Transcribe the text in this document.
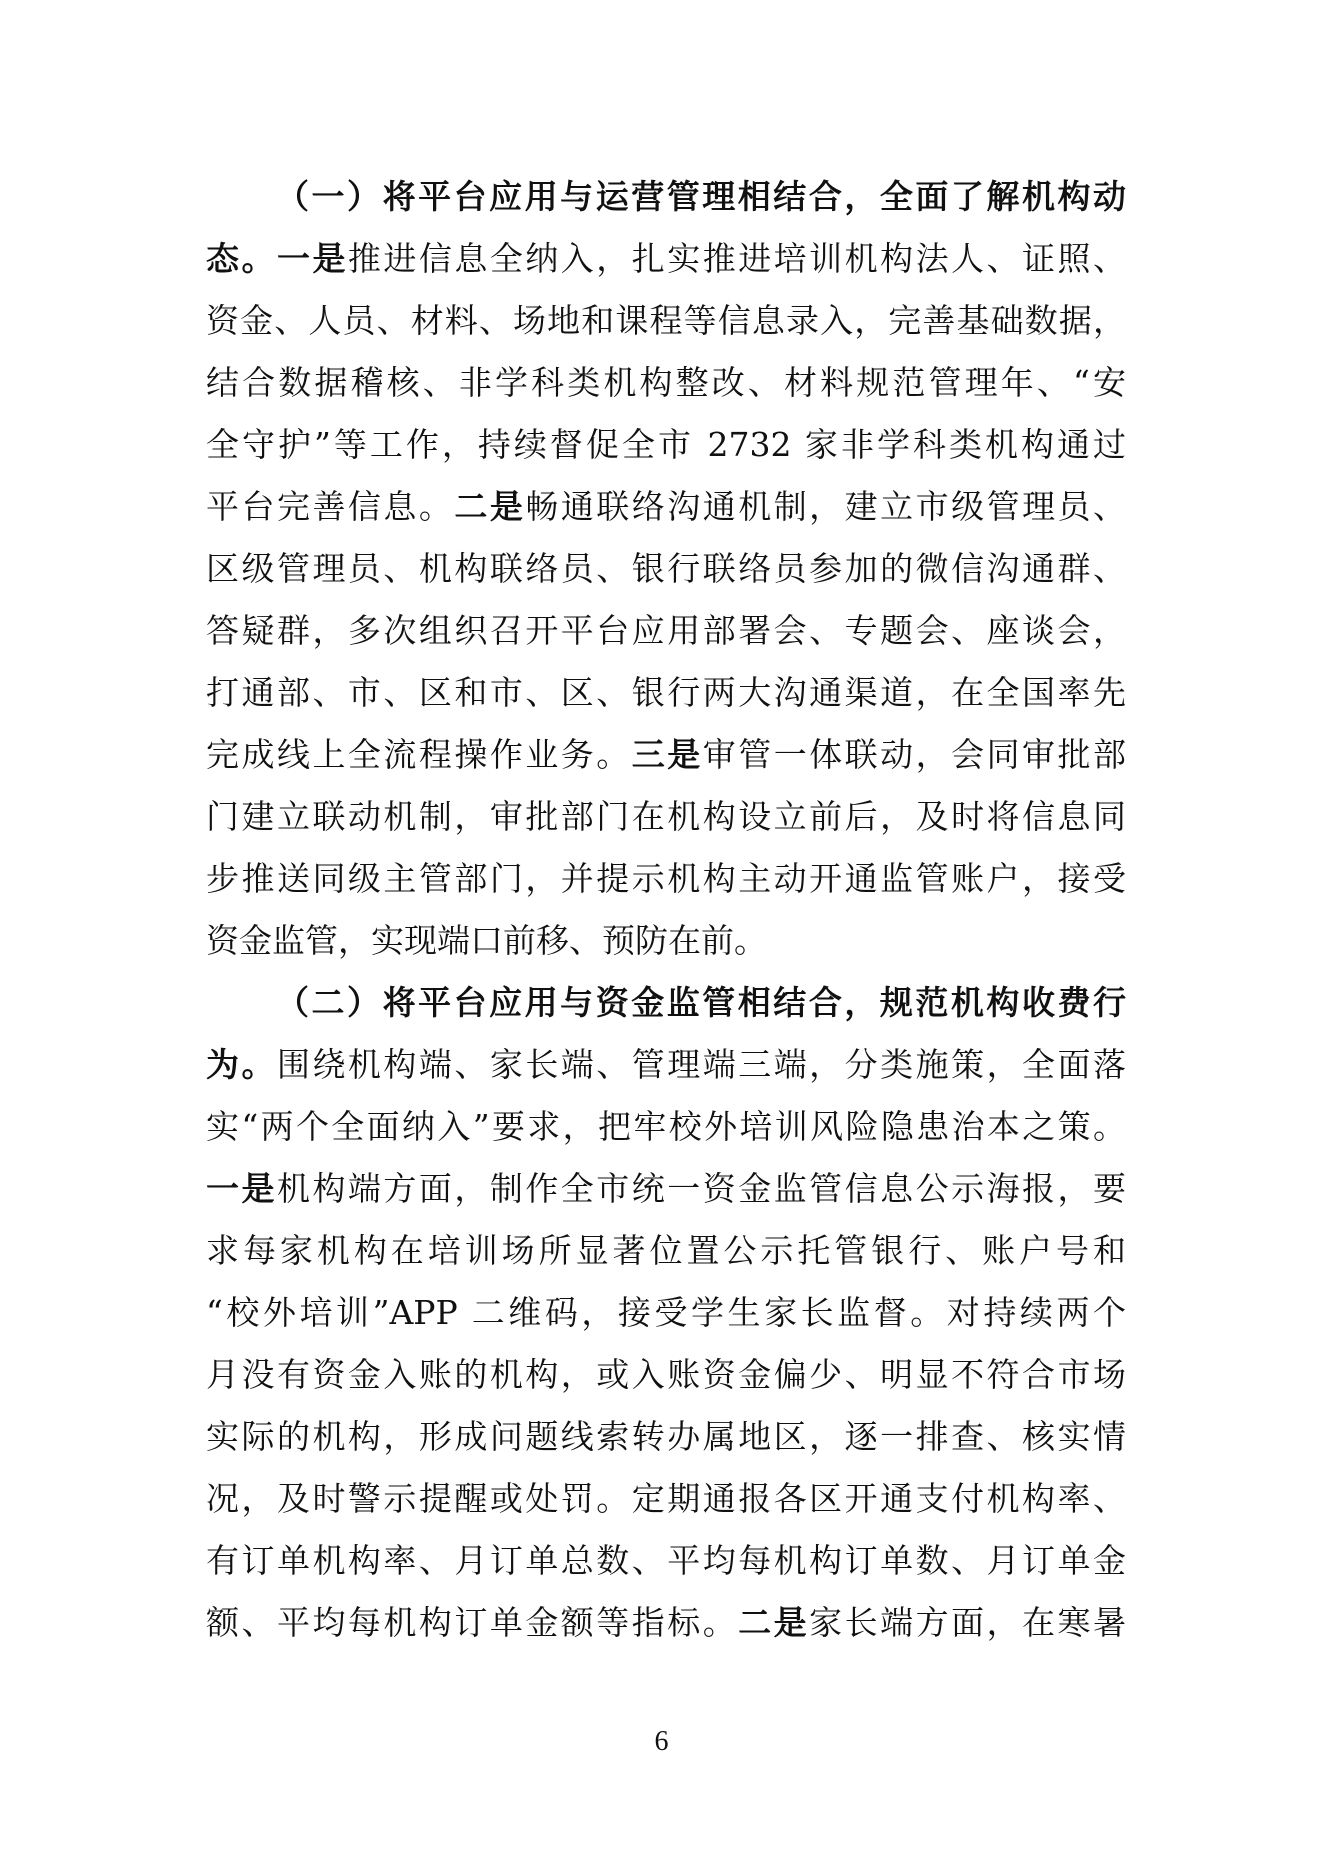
（一）将平台应用与运营管理相结合，全面了解机构动
态。一是推进信息全纳入，扎实推进培训机构法人、证照、
资金、人员、材料、场地和课程等信息录入，完善基础数据，
结合数据稽核、非学科类机构整改、材料规范管理年、“安
全守护”等工作，持续督促全市 2732 家非学科类机构通过
平台完善信息。二是畅通联络沟通机制，建立市级管理员、
区级管理员、机构联络员、银行联络员参加的微信沟通群、
答疑群，多次组织召开平台应用部署会、专题会、座谈会，
打通部、市、区和市、区、银行两大沟通渠道，在全国率先
完成线上全流程操作业务。三是审管一体联动，会同审批部
门建立联动机制，审批部门在机构设立前后，及时将信息同
步推送同级主管部门，并提示机构主动开通监管账户，接受
资金监管，实现端口前移、预防在前。
（二）将平台应用与资金监管相结合，规范机构收费行
为。围绕机构端、家长端、管理端三端，分类施策，全面落
实“两个全面纳入”要求，把牢校外培训风险隐患治本之策。
一是机构端方面，制作全市统一资金监管信息公示海报，要
求每家机构在培训场所显著位置公示托管银行、账户号和
“校外培训”APP 二维码，接受学生家长监督。对持续两个
月没有资金入账的机构，或入账资金偏少、明显不符合市场
实际的机构，形成问题线索转办属地区，逐一排查、核实情
况，及时警示提醒或处罚。定期通报各区开通支付机构率、
有订单机构率、月订单总数、平均每机构订单数、月订单金
额、平均每机构订单金额等指标。二是家长端方面，在寒暑
6
